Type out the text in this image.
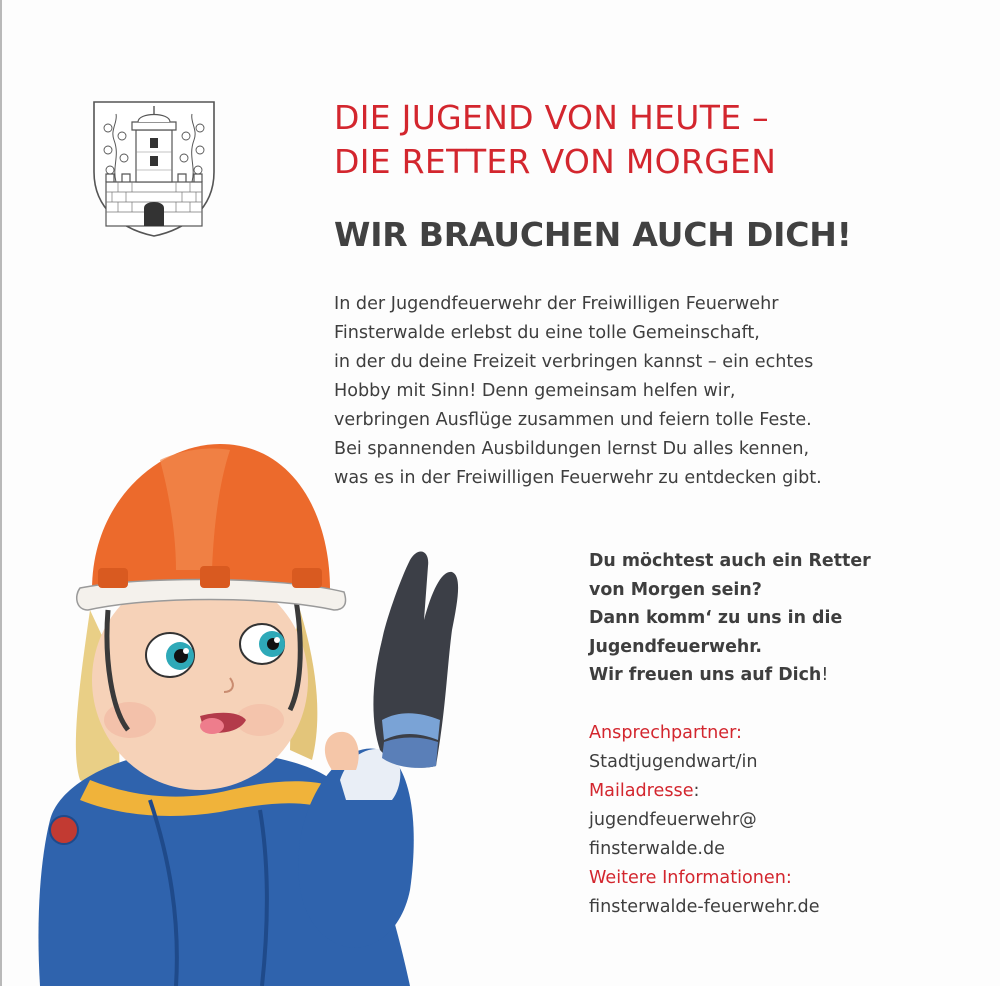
DIE JUGEND VON HEUTE –
DIE RETTER VON MORGEN
WIR BRAUCHEN AUCH DICH!

In der Jugendfeuerwehr der Freiwilligen Feuerwehr
Finsterwalde erlebst du eine tolle Gemeinschaft,
in der du deine Freizeit verbringen kannst – ein echtes
Hobby mit Sinn! Denn gemeinsam helfen wir,
verbringen Ausflüge zusammen und feiern tolle Feste.
Bei spannenden Ausbildungen lernst Du alles kennen,
was es in der Freiwilligen Feuerwehr zu entdecken gibt.

Du möchtest auch ein Retter
von Morgen sein?
Dann komm‘ zu uns in die
Jugendfeuerwehr.
Wir freuen uns auf Dich!

Ansprechpartner:
Stadtjugendwart/in
Mailadresse:
jugendfeuerwehr@
finsterwalde.de
Weitere Informationen:
finsterwalde-feuerwehr.de
